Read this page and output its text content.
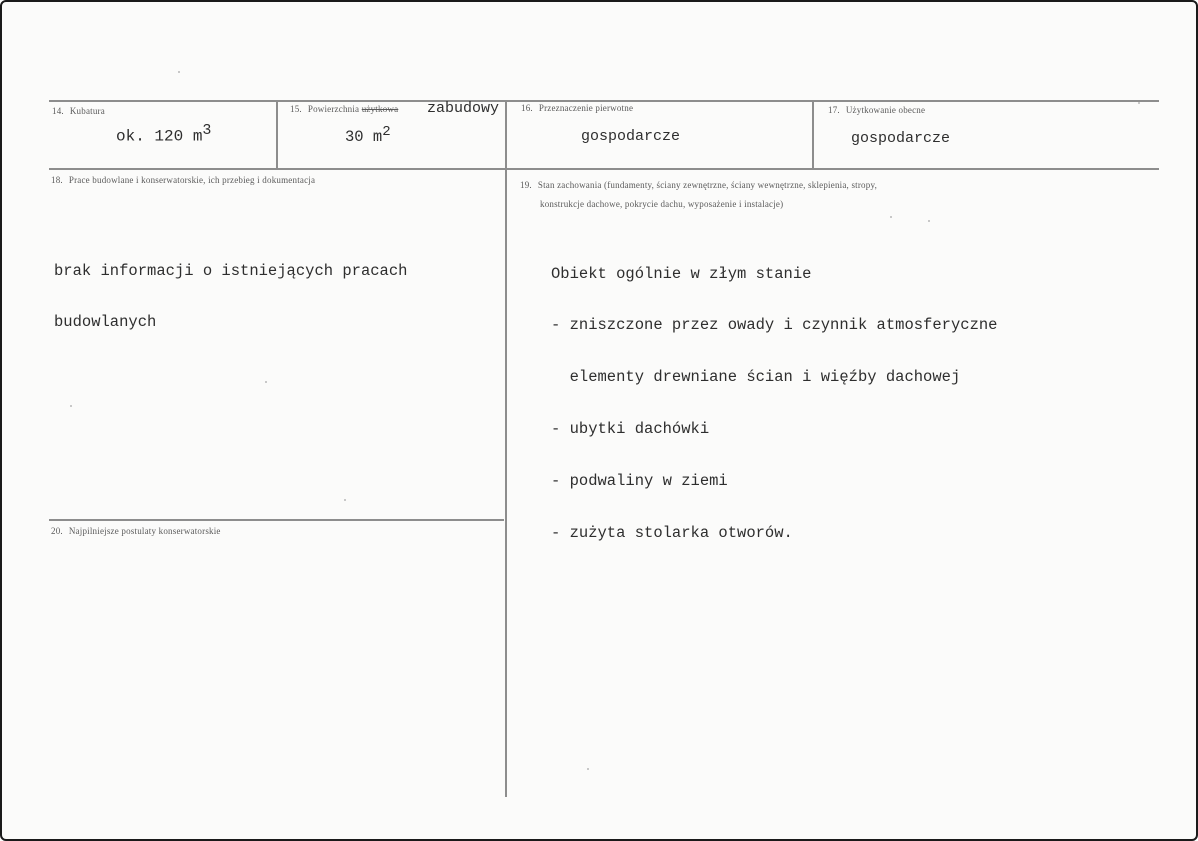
14. Kubatura
ok. 120 $m^3$
15. Powierzchnia użytkowa zabudowy
30 $m^2$
16. Przeznaczenie pierwotne
gospodarcze
17. Użytkowanie obecne
gospodarcze
18. Prace budowlane i konserwatorskie, ich przebieg i dokumentacja

brak informacji o istniejących pracach

budowlanych

19. Stan zachowania (fundamenty, ściany zewnętrzne, ściany wewnętrzne, sklepienia, stropy,
konstrukcje dachowe, pokrycie dachu, wyposażenie i instalacje)

Obiekt ogólnie w złym stanie

- zniszczone przez owady i czynnik atmosferyczne

elementy drewniane ścian i więźby dachowej

- ubytki dachówki

- podwaliny w ziemi

- zużyta stolarka otworów.

20. Najpilniejsze postulaty konserwatorskie
